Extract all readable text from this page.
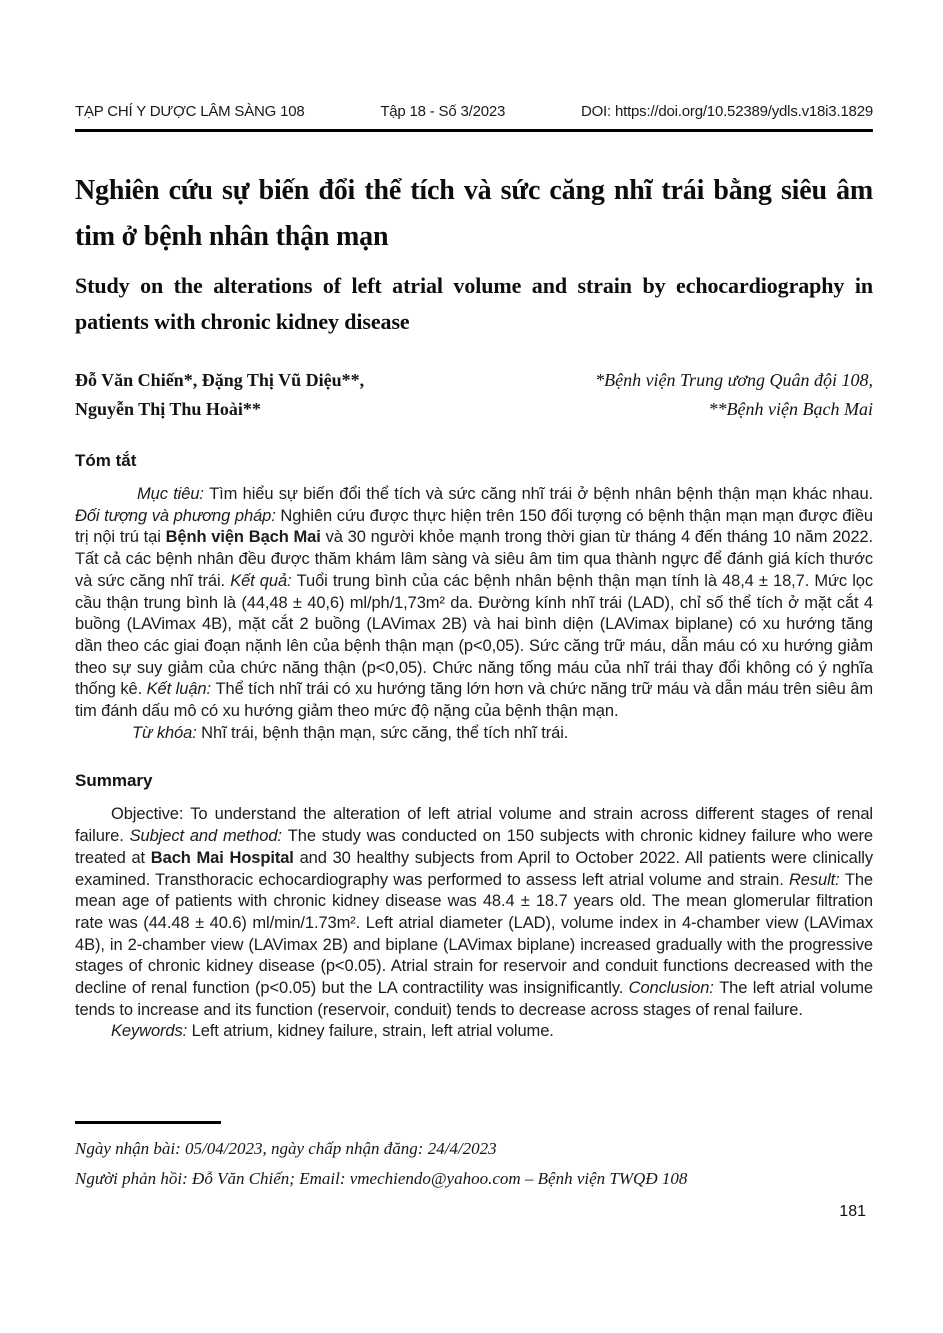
TẠP CHÍ Y DƯỢC LÂM SÀNG 108	Tập 18 - Số 3/2023	DOI: https://doi.org/10.52389/ydls.v18i3.1829
Nghiên cứu sự biến đổi thể tích và sức căng nhĩ trái bằng siêu âm tim ở bệnh nhân thận mạn
Study on the alterations of left atrial volume and strain by echocardiography in patients with chronic kidney disease
Đỗ Văn Chiến*, Đặng Thị Vũ Diệu**,
Nguyễn Thị Thu Hoài**
*Bệnh viện Trung ương Quân đội 108,
**Bệnh viện Bạch Mai
Tóm tắt

Mục tiêu: Tìm hiểu sự biến đổi thể tích và sức căng nhĩ trái ở bệnh nhân bệnh thận mạn khác nhau. Đối tượng và phương pháp: Nghiên cứu được thực hiện trên 150 đối tượng có bệnh thận mạn mạn được điều trị nội trú tại Bệnh viện Bạch Mai và 30 người khỏe mạnh trong thời gian từ tháng 4 đến tháng 10 năm 2022. Tất cả các bệnh nhân đều được thăm khám lâm sàng và siêu âm tim qua thành ngực để đánh giá kích thước và sức căng nhĩ trái. Kết quả: Tuổi trung bình của các bệnh nhân bệnh thận mạn tính là 48,4 ± 18,7. Mức lọc cầu thận trung bình là (44,48 ± 40,6) ml/ph/1,73m² da. Đường kính nhĩ trái (LAD), chỉ số thể tích ở mặt cắt 4 buồng (LAVimax 4B), mặt cắt 2 buồng (LAVimax 2B) và hai bình diện (LAVimax biplane) có xu hướng tăng dần theo các giai đoạn nặnh lên của bệnh thận mạn (p<0,05). Sức căng trữ máu, dẫn máu có xu hướng giảm theo sự suy giảm của chức năng thận (p<0,05). Chức năng tống máu của nhĩ trái thay đổi không có ý nghĩa thống kê. Kết luận: Thể tích nhĩ trái có xu hướng tăng lớn hơn và chức năng trữ máu và dẫn máu trên siêu âm tim đánh dấu mô có xu hướng giảm theo mức độ nặng của bệnh thận mạn.

Từ khóa: Nhĩ trái, bệnh thận mạn, sức căng, thể tích nhĩ trái.

Summary

Objective: To understand the alteration of left atrial volume and strain across different stages of renal failure. Subject and method: The study was conducted on 150 subjects with chronic kidney failure who were treated at Bach Mai Hospital and 30 healthy subjects from April to October 2022. All patients were clinically examined. Transthoracic echocardiography was performed to assess left atrial volume and strain. Result: The mean age of patients with chronic kidney disease was 48.4 ± 18.7 years old. The mean glomerular filtration rate was (44.48 ± 40.6) ml/min/1.73m². Left atrial diameter (LAD), volume index in 4-chamber view (LAVimax 4B), in 2-chamber view (LAVimax 2B) and biplane (LAVimax biplane) increased gradually with the progressive stages of chronic kidney disease (p<0.05). Atrial strain for reservoir and conduit functions decreased with the decline of renal function (p<0.05) but the LA contractility was insignificantly. Conclusion: The left atrial volume tends to increase and its function (reservoir, conduit) tends to decrease across stages of renal failure.

Keywords: Left atrium, kidney failure, strain, left atrial volume.

Ngày nhận bài: 05/04/2023, ngày chấp nhận đăng: 24/4/2023
Người phản hồi: Đỗ Văn Chiến; Email: vmechiendo@yahoo.com – Bệnh viện TWQĐ 108
181
